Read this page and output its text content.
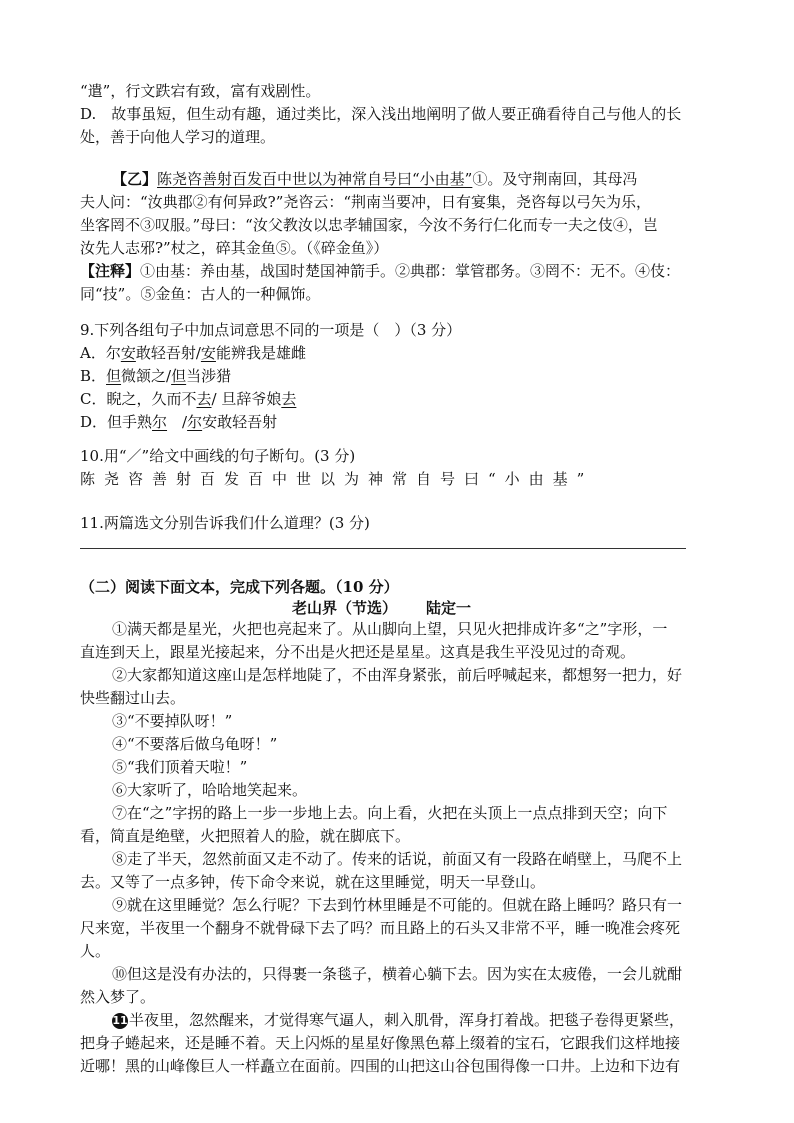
“遣”，行文跌宕有致，富有戏剧性。
D.　故事虽短，但生动有趣，通过类比，深入浅出地阐明了做人要正确看待自己与他人的长
处，善于向他人学习的道理。
【乙】陈尧咨善射百发百中世以为神常自号曰“小由基”①。及守荆南回，其母冯
夫人问：“汝典郡②有何异政?”尧咨云：“荆南当要冲，日有宴集，尧咨每以弓矢为乐，
坐客罔不③叹服。”母曰：“汝父教汝以忠孝辅国家，今汝不务行仁化而专一夫之伎④，岂
汝先人志邪?”杖之，碎其金鱼⑤。（《碎金鱼》）
【注释】①由基：养由基，战国时楚国神箭手。②典郡：掌管郡务。③罔不：无不。④伎：
同“技”。⑤金鱼：古人的一种佩饰。
9.下列各组句子中加点词意思不同的一项是（　）（3 分）
A．尔安敢轻吾射/安能辨我是雄雌
B．但微颔之/但当涉猎
C．睨之，久而不去/ 旦辞爷娘去
D．但手熟尔　/尔安敢轻吾射
10.用“／”给文中画线的句子断句。(3 分)
陈尧咨善射百发百中世以为神常自号曰“小由基”
11.两篇选文分别告诉我们什么道理？(3 分)
（二）阅读下面文本，完成下列各题。（10 分）
老山界（节选） 陆定一
①满天都是星光，火把也亮起来了。从山脚向上望，只见火把排成许多“之”字形，一
直连到天上，跟星光接起来，分不出是火把还是星星。这真是我生平没见过的奇观。
②大家都知道这座山是怎样地陡了，不由浑身紧张，前后呼喊起来，都想努一把力，好
快些翻过山去。
③“不要掉队呀！”
④“不要落后做乌龟呀！”
⑤“我们顶着天啦！”
⑥大家听了，哈哈地笑起来。
⑦在“之”字拐的路上一步一步地上去。向上看，火把在头顶上一点点排到天空；向下
看，简直是绝壁，火把照着人的脸，就在脚底下。
⑧走了半天，忽然前面又走不动了。传来的话说，前面又有一段路在峭壁上，马爬不上
去。又等了一点多钟，传下命令来说，就在这里睡觉，明天一早登山。
⑨就在这里睡觉？怎么行呢？下去到竹林里睡是不可能的。但就在路上睡吗？路只有一
尺来宽，半夜里一个翻身不就骨碌下去了吗？而且路上的石头又非常不平，睡一晚准会疼死
人。
⑩但这是没有办法的，只得裹一条毯子，横着心躺下去。因为实在太疲倦，一会儿就酣
然入梦了。
11半夜里，忽然醒来，才觉得寒气逼人，刺入肌骨，浑身打着战。把毯子卷得更紧些，
把身子蜷起来，还是睡不着。天上闪烁的星星好像黑色幕上缀着的宝石，它跟我们这样地接
近哪！黑的山峰像巨人一样矗立在面前。四围的山把这山谷包围得像一口井。上边和下边有
